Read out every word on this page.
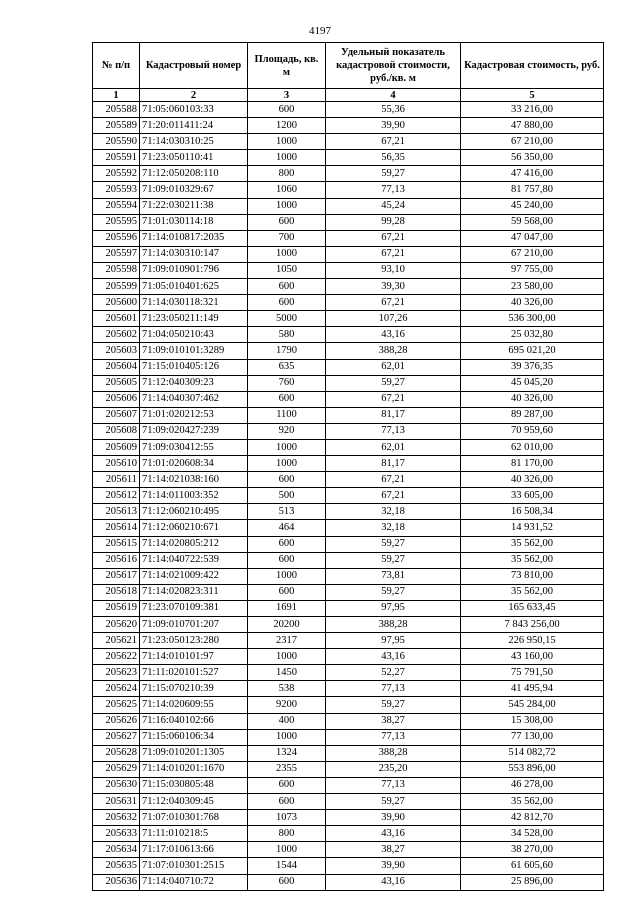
4197
№ п/п	Кадастровый номер	Площадь, кв. м	Удельный показатель кадастровой стоимости, руб./кв. м	Кадастровая стоимость, руб.
1	2	3	4	5
205588	71:05:060103:33	600	55,36	33 216,00
205589	71:20:011411:24	1200	39,90	47 880,00
205590	71:14:030310:25	1000	67,21	67 210,00
205591	71:23:050110:41	1000	56,35	56 350,00
205592	71:12:050208:110	800	59,27	47 416,00
205593	71:09:010329:67	1060	77,13	81 757,80
205594	71:22:030211:38	1000	45,24	45 240,00
205595	71:01:030114:18	600	99,28	59 568,00
205596	71:14:010817:2035	700	67,21	47 047,00
205597	71:14:030310:147	1000	67,21	67 210,00
205598	71:09:010901:796	1050	93,10	97 755,00
205599	71:05:010401:625	600	39,30	23 580,00
205600	71:14:030118:321	600	67,21	40 326,00
205601	71:23:050211:149	5000	107,26	536 300,00
205602	71:04:050210:43	580	43,16	25 032,80
205603	71:09:010101:3289	1790	388,28	695 021,20
205604	71:15:010405:126	635	62,01	39 376,35
205605	71:12:040309:23	760	59,27	45 045,20
205606	71:14:040307:462	600	67,21	40 326,00
205607	71:01:020212:53	1100	81,17	89 287,00
205608	71:09:020427:239	920	77,13	70 959,60
205609	71:09:030412:55	1000	62,01	62 010,00
205610	71:01:020608:34	1000	81,17	81 170,00
205611	71:14:021038:160	600	67,21	40 326,00
205612	71:14:011003:352	500	67,21	33 605,00
205613	71:12:060210:495	513	32,18	16 508,34
205614	71:12:060210:671	464	32,18	14 931,52
205615	71:14:020805:212	600	59,27	35 562,00
205616	71:14:040722:539	600	59,27	35 562,00
205617	71:14:021009:422	1000	73,81	73 810,00
205618	71:14:020823:311	600	59,27	35 562,00
205619	71:23:070109:381	1691	97,95	165 633,45
205620	71:09:010701:207	20200	388,28	7 843 256,00
205621	71:23:050123:280	2317	97,95	226 950,15
205622	71:14:010101:97	1000	43,16	43 160,00
205623	71:11:020101:527	1450	52,27	75 791,50
205624	71:15:070210:39	538	77,13	41 495,94
205625	71:14:020609:55	9200	59,27	545 284,00
205626	71:16:040102:66	400	38,27	15 308,00
205627	71:15:060106:34	1000	77,13	77 130,00
205628	71:09:010201:1305	1324	388,28	514 082,72
205629	71:14:010201:1670	2355	235,20	553 896,00
205630	71:15:030805:48	600	77,13	46 278,00
205631	71:12:040309:45	600	59,27	35 562,00
205632	71:07:010301:768	1073	39,90	42 812,70
205633	71:11:010218:5	800	43,16	34 528,00
205634	71:17:010613:66	1000	38,27	38 270,00
205635	71:07:010301:2515	1544	39,90	61 605,60
205636	71:14:040710:72	600	43,16	25 896,00
